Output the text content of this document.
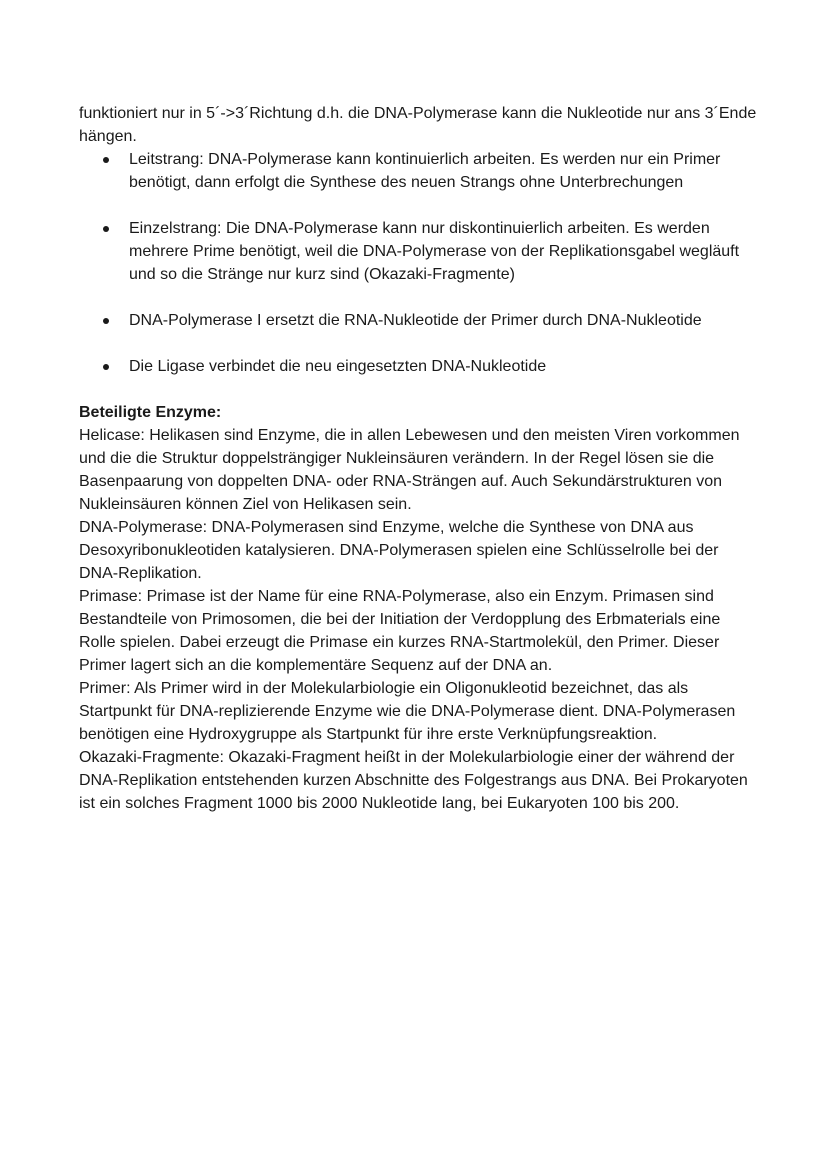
funktioniert nur in 5´->3´Richtung d.h. die DNA-Polymerase kann die Nukleotide nur ans 3´Ende hängen.

Leitstrang: DNA-Polymerase kann kontinuierlich arbeiten. Es werden nur ein Primer benötigt, dann erfolgt die Synthese des neuen Strangs ohne Unterbrechungen
Einzelstrang: Die DNA-Polymerase kann nur diskontinuierlich arbeiten. Es werden mehrere Prime benötigt, weil die DNA-Polymerase von der Replikationsgabel wegläuft und so die Stränge nur kurz sind (Okazaki-Fragmente)
DNA-Polymerase I ersetzt die RNA-Nukleotide der Primer durch DNA-Nukleotide
Die Ligase verbindet die neu eingesetzten DNA-Nukleotide

Beteiligte Enzyme:

Helicase: Helikasen sind Enzyme, die in allen Lebewesen und den meisten Viren vorkommen und die die Struktur doppelsträngiger Nukleinsäuren verändern. In der Regel lösen sie die Basenpaarung von doppelten DNA- oder RNA-Strängen auf. Auch Sekundärstrukturen von Nukleinsäuren können Ziel von Helikasen sein.

DNA-Polymerase: DNA-Polymerasen sind Enzyme, welche die Synthese von DNA aus Desoxyribonukleotiden katalysieren. DNA-Polymerasen spielen eine Schlüsselrolle bei der DNA-Replikation.

Primase: Primase ist der Name für eine RNA-Polymerase, also ein Enzym. Primasen sind Bestandteile von Primosomen, die bei der Initiation der Verdopplung des Erbmaterials eine Rolle spielen. Dabei erzeugt die Primase ein kurzes RNA-Startmolekül, den Primer. Dieser Primer lagert sich an die komplementäre Sequenz auf der DNA an.

Primer: Als Primer wird in der Molekularbiologie ein Oligonukleotid bezeichnet, das als Startpunkt für DNA-replizierende Enzyme wie die DNA-Polymerase dient. DNA-Polymerasen benötigen eine Hydroxygruppe als Startpunkt für ihre erste Verknüpfungsreaktion.

Okazaki-Fragmente: Okazaki-Fragment heißt in der Molekularbiologie einer der während der DNA-Replikation entstehenden kurzen Abschnitte des Folgestrangs aus DNA. Bei Prokaryoten ist ein solches Fragment 1000 bis 2000 Nukleotide lang, bei Eukaryoten 100 bis 200.
